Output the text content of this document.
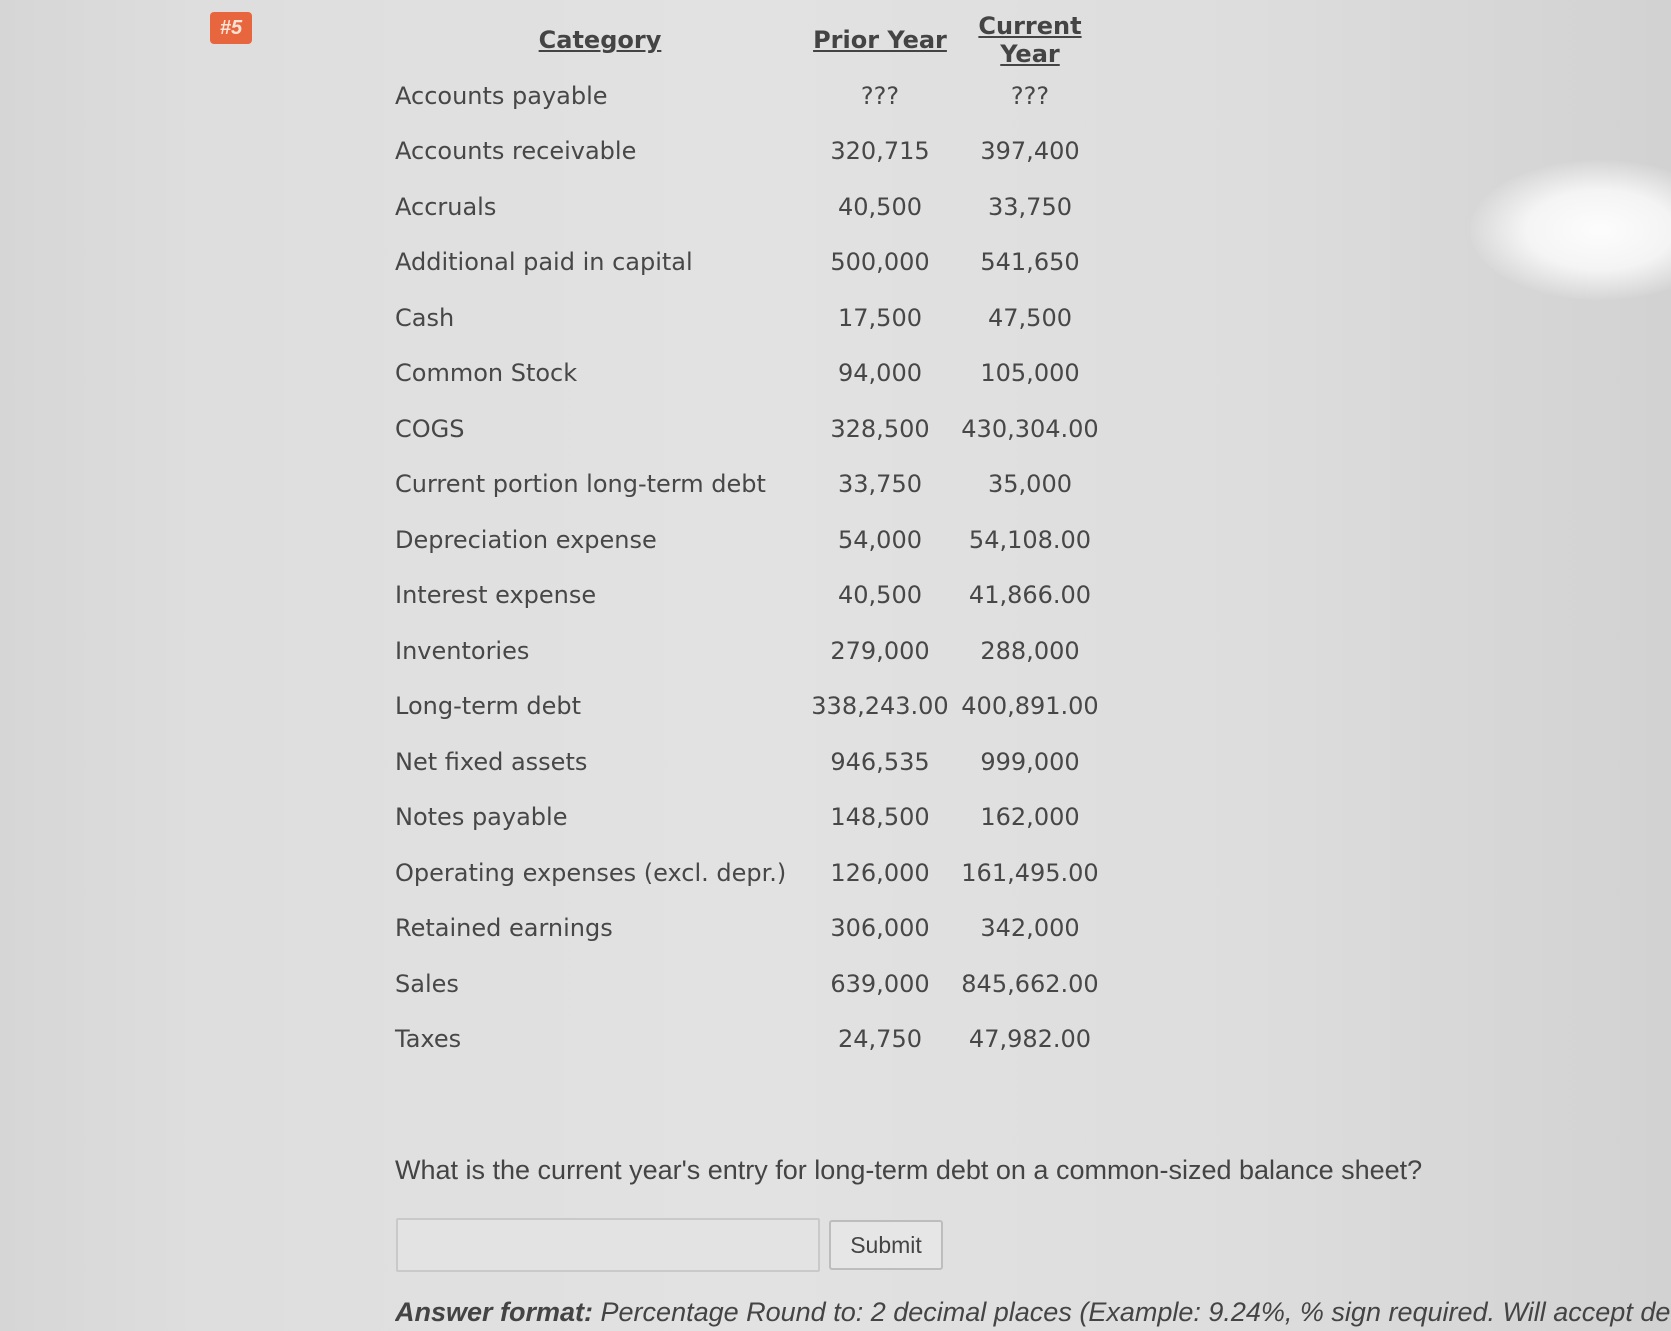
#5	Category	Prior Year	Current Year
Accounts payable	???	???
Accounts receivable	320,715	397,400
Accruals	40,500	33,750
Additional paid in capital	500,000	541,650
Cash	17,500	47,500
Common Stock	94,000	105,000
COGS	328,500	430,304.00
Current portion long-term debt	33,750	35,000
Depreciation expense	54,000	54,108.00
Interest expense	40,500	41,866.00
Inventories	279,000	288,000
Long-term debt	338,243.00	400,891.00
Net fixed assets	946,535	999,000
Notes payable	148,500	162,000
Operating expenses (excl. depr.)	126,000	161,495.00
Retained earnings	306,000	342,000
Sales	639,000	845,662.00
Taxes	24,750	47,982.00
What is the current year's entry for long-term debt on a common-sized balance sheet?
Submit
Answer format: Percentage Round to: 2 decimal places (Example: 9.24%, % sign required. Will accept de
